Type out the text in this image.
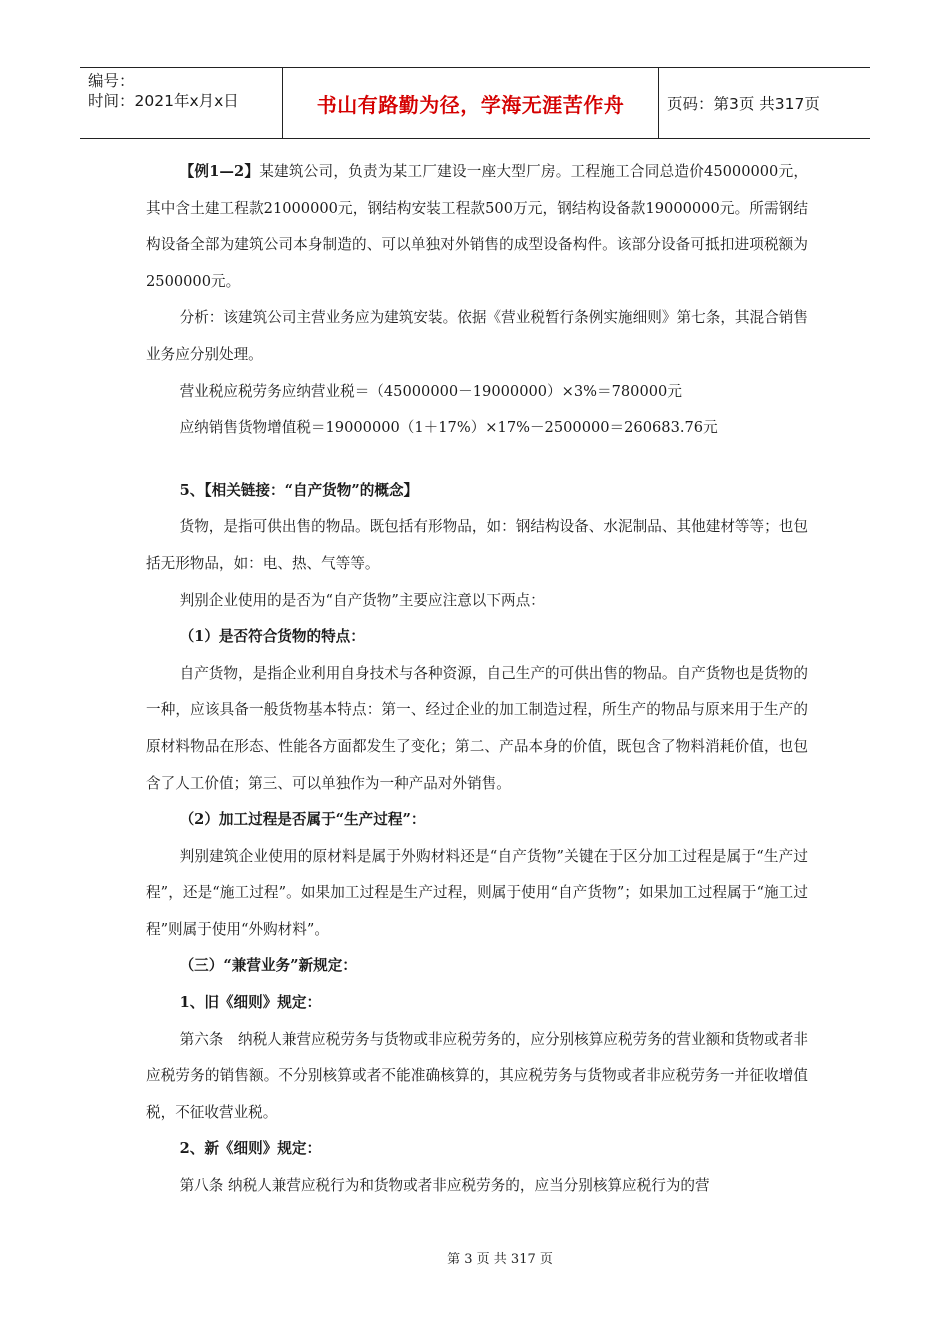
编号：
时间：2021年x月x日	书山有路勤为径，学海无涯苦作舟	页码：第3页 共317页

【例1—2】某建筑公司，负责为某工厂建设一座大型厂房。工程施工合同总造价45000000元，其中含土建工程款21000000元，钢结构安装工程款500万元，钢结构设备款19000000元。所需钢结构设备全部为建筑公司本身制造的、可以单独对外销售的成型设备构件。该部分设备可抵扣进项税额为2500000元。

分析：该建筑公司主营业务应为建筑安装。依据《营业税暂行条例实施细则》第七条，其混合销售业务应分别处理。

营业税应税劳务应纳营业税＝（45000000－19000000）×3%＝780000元

应纳销售货物增值税＝19000000（1＋17%）×17%－2500000＝260683.76元

5、【相关链接：“自产货物”的概念】

货物，是指可供出售的物品。既包括有形物品，如：钢结构设备、水泥制品、其他建材等等；也包括无形物品，如：电、热、气等等。

判别企业使用的是否为“自产货物”主要应注意以下两点：

（1）是否符合货物的特点：

自产货物，是指企业利用自身技术与各种资源，自己生产的可供出售的物品。自产货物也是货物的一种，应该具备一般货物基本特点：第一、经过企业的加工制造过程，所生产的物品与原来用于生产的原材料物品在形态、性能各方面都发生了变化；第二、产品本身的价值，既包含了物料消耗价值，也包含了人工价值；第三、可以单独作为一种产品对外销售。

（2）加工过程是否属于“生产过程”：

判别建筑企业使用的原材料是属于外购材料还是“自产货物”关键在于区分加工过程是属于“生产过程”，还是“施工过程”。如果加工过程是生产过程，则属于使用“自产货物”；如果加工过程属于“施工过程”则属于使用“外购材料”。

（三）“兼营业务”新规定：

1、旧《细则》规定：

第六条　纳税人兼营应税劳务与货物或非应税劳务的，应分别核算应税劳务的营业额和货物或者非应税劳务的销售额。不分别核算或者不能准确核算的，其应税劳务与货物或者非应税劳务一并征收增值税，不征收营业税。

2、新《细则》规定：

第八条 纳税人兼营应税行为和货物或者非应税劳务的，应当分别核算应税行为的营

第 3 页 共 317 页
